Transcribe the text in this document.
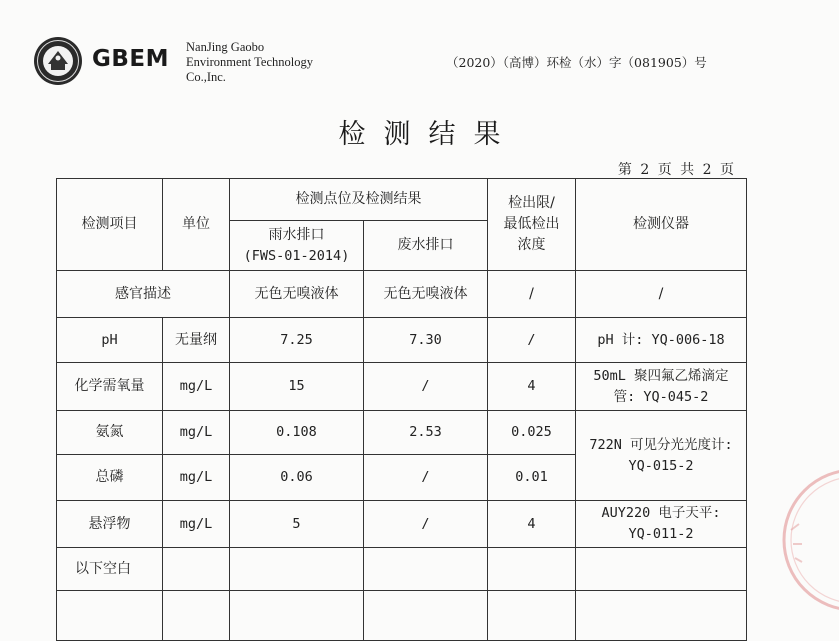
GBEM NanJing Gaobo
Environment Technology
Co.,Inc.
（2020）（高博）环检（水）字（081905）号
检测结果
第 2 页 共 2 页
检测项目	单位	检测点位及检测结果		检出限/
最低检出
浓度	检测仪器

		雨水排口
(FWS-01-2014)	废水排口		
感官描述		无色无嗅液体	无色无嗅液体	/	/
pH	无量纲	7.25	7.30	/	pH 计: YQ-006-18
化学需氧量	mg/L	15	/	4	50mL 聚四氟乙烯滴定
管: YQ-045-2

氨氮	mg/L	0.108	2.53	0.025	722N 可见分光光度计:
YQ-015-2

总磷	mg/L	0.06	/	0.01	
悬浮物	mg/L	5	/	4	AUY220 电子天平:
YQ-011-2

以下空白					
